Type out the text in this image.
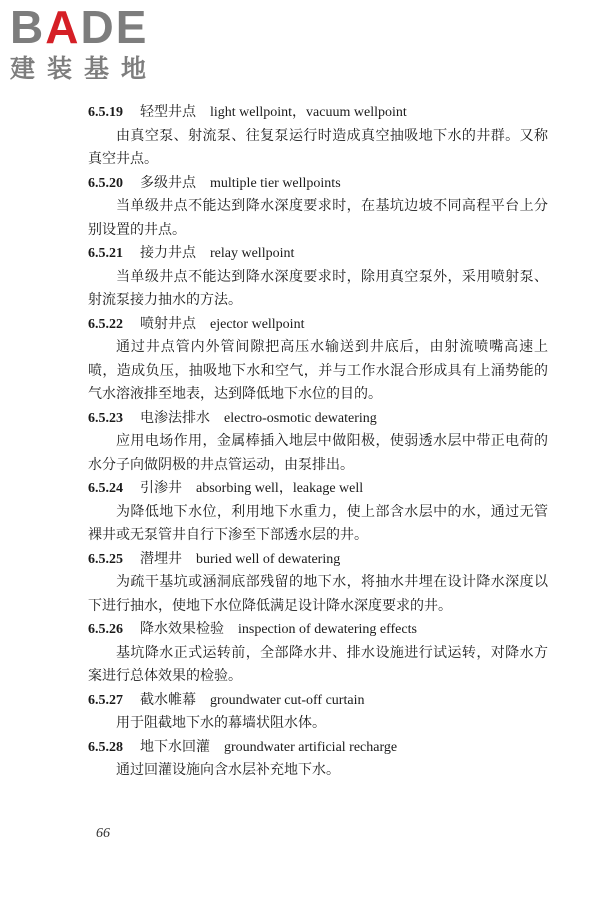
BADE
建装基地
6.5.19 轻型井点 light wellpoint，vacuum wellpoint

由真空泵、射流泵、往复泵运行时造成真空抽吸地下水的井群。又称真空井点。

6.5.20 多级井点 multiple tier wellpoints

当单级井点不能达到降水深度要求时，在基坑边坡不同高程平台上分别设置的井点。

6.5.21 接力井点 relay wellpoint

当单级井点不能达到降水深度要求时，除用真空泵外，采用喷射泵、射流泵接力抽水的方法。

6.5.22 喷射井点 ejector wellpoint

通过井点管内外管间隙把高压水输送到井底后，由射流喷嘴高速上喷，造成负压，抽吸地下水和空气，并与工作水混合形成具有上涌势能的气水溶液排至地表，达到降低地下水位的目的。

6.5.23 电渗法排水 electro-osmotic dewatering

应用电场作用，金属棒插入地层中做阳极，使弱透水层中带正电荷的水分子向做阴极的井点管运动，由泵排出。

6.5.24 引渗井 absorbing well，leakage well

为降低地下水位，利用地下水重力，使上部含水层中的水，通过无管裸井或无泵管井自行下渗至下部透水层的井。

6.5.25 潜埋井 buried well of dewatering

为疏干基坑或涵洞底部残留的地下水，将抽水井埋在设计降水深度以下进行抽水，使地下水位降低满足设计降水深度要求的井。

6.5.26 降水效果检验 inspection of dewatering effects

基坑降水正式运转前，全部降水井、排水设施进行试运转，对降水方案进行总体效果的检验。

6.5.27 截水帷幕 groundwater cut-off curtain

用于阻截地下水的幕墙状阻水体。

6.5.28 地下水回灌 groundwater artificial recharge

通过回灌设施向含水层补充地下水。

66
